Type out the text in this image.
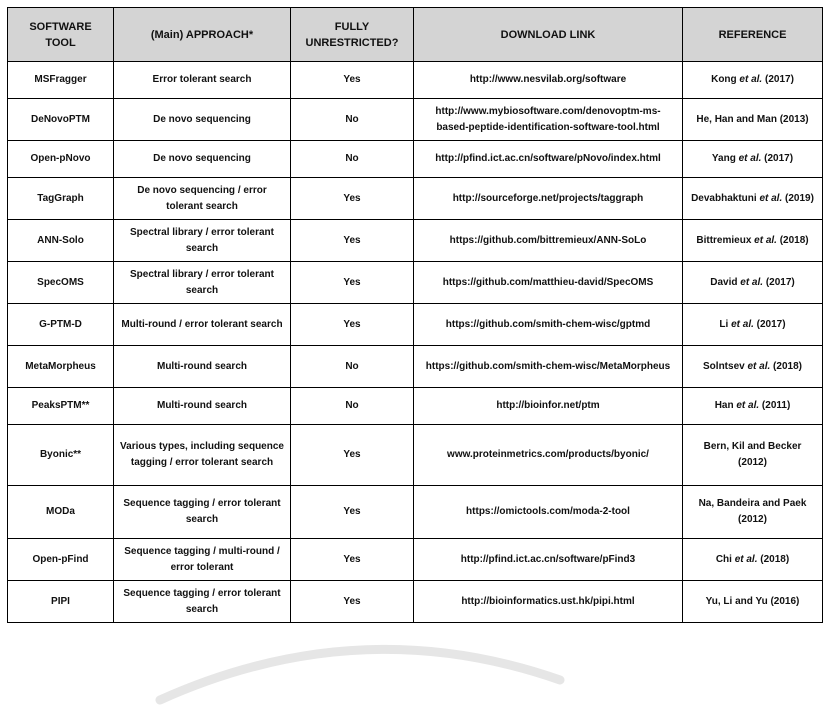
SOFTWARE TOOL	(Main) APPROACH*	FULLY UNRESTRICTED?	DOWNLOAD LINK	REFERENCE
MSFragger	Error tolerant search	Yes	http://www.nesvilab.org/software	Kong et al. (2017)
DeNovoPTM	De novo sequencing	No	http://www.mybiosoftware.com/denovoptm-ms-based-peptide-identification-software-tool.html	He, Han and Man (2013)
Open-pNovo	De novo sequencing	No	http://pfind.ict.ac.cn/software/pNovo/index.html	Yang et al. (2017)
TagGraph	De novo sequencing / error tolerant search	Yes	http://sourceforge.net/projects/taggraph	Devabhaktuni et al. (2019)
ANN-Solo	Spectral library / error tolerant search	Yes	https://github.com/bittremieux/ANN-SoLo	Bittremieux et al. (2018)
SpecOMS	Spectral library / error tolerant search	Yes	https://github.com/matthieu-david/SpecOMS	David et al. (2017)
G-PTM-D	Multi-round / error tolerant search	Yes	https://github.com/smith-chem-wisc/gptmd	Li et al. (2017)
MetaMorpheus	Multi-round search	No	https://github.com/smith-chem-wisc/MetaMorpheus	Solntsev et al. (2018)
PeaksPTM**	Multi-round search	No	http://bioinfor.net/ptm	Han et al. (2011)
Byonic**	Various types, including sequence tagging / error tolerant search	Yes	www.proteinmetrics.com/products/byonic/	Bern, Kil and Becker (2012)
MODa	Sequence tagging / error tolerant search	Yes	https://omictools.com/moda-2-tool	Na, Bandeira and Paek (2012)
Open-pFind	Sequence tagging / multi-round / error tolerant	Yes	http://pfind.ict.ac.cn/software/pFind3	Chi et al. (2018)
PIPI	Sequence tagging / error tolerant search	Yes	http://bioinformatics.ust.hk/pipi.html	Yu, Li and Yu (2016)
